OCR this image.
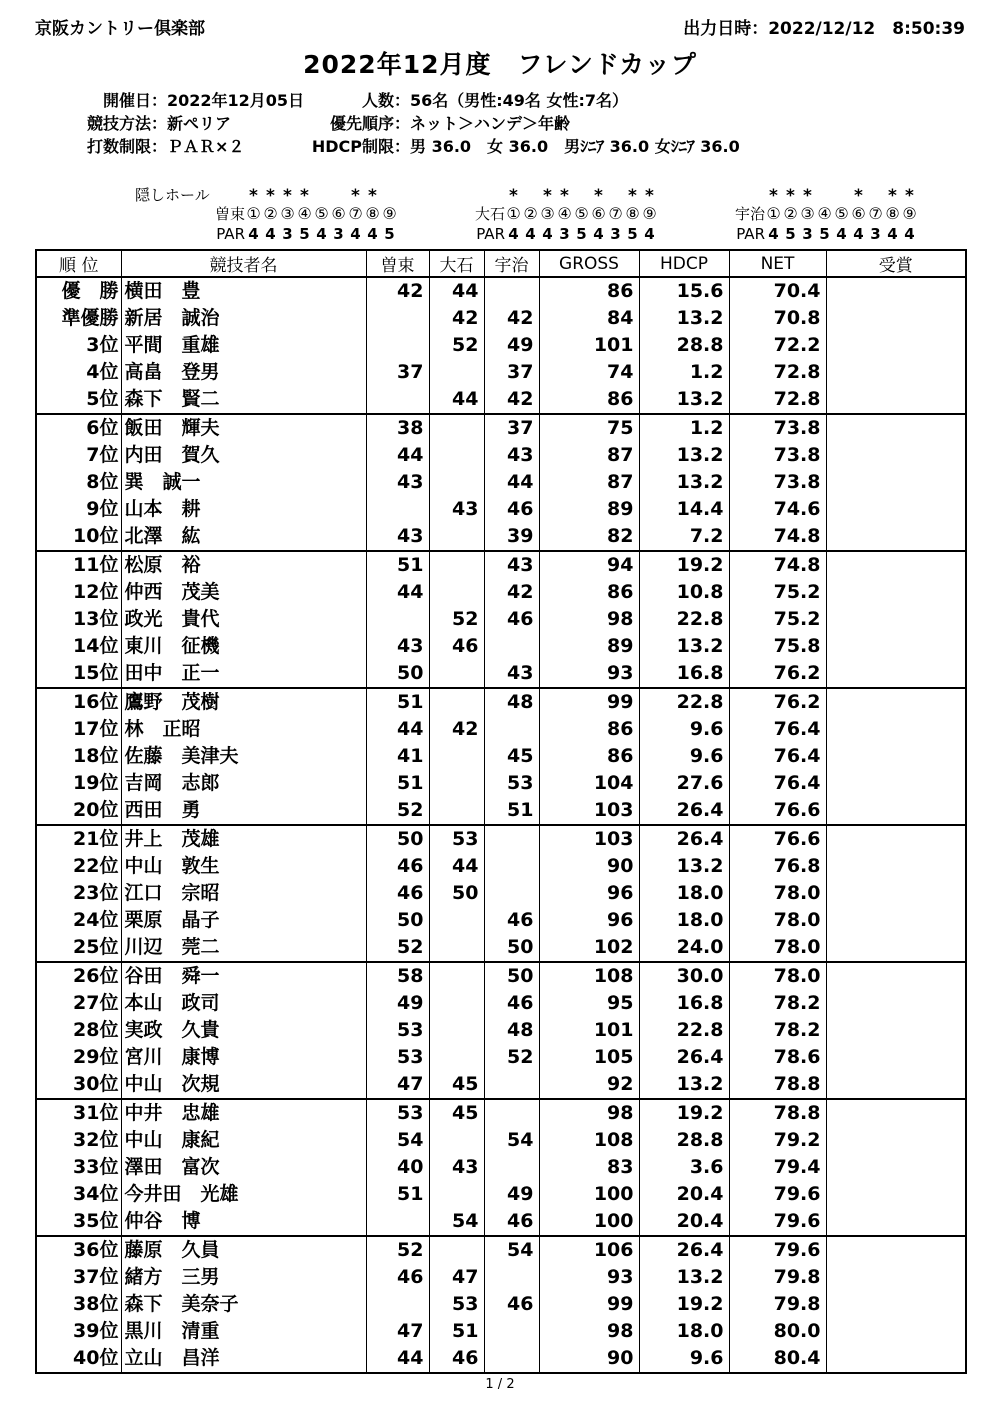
京阪カントリー倶楽部	出力日時：2022/12/12　8:50:39
2022年12月度　フレンドカップ
開催日： 2022年12月05日
競技方法： 新ペリア
打数制限： ＰＡＲ×２
人数： 56名（男性:49名 女性:7名）
優先順序： ネット＞ハンデ＞年齢
HDCP制限： 男 36.0　女 36.0　男ｼﾆｱ 36.0 女ｼﾆｱ 36.0
隠しホール * * * * * *
曽束 ① ② ③ ④ ⑤ ⑥ ⑦ ⑧ ⑨
PAR 4 4 3 5 4 3 4 4 5
* * * * * *
大石 ① ② ③ ④ ⑤ ⑥ ⑦ ⑧ ⑨
PAR 4 4 4 3 5 4 3 5 4
* * * * * *
宇治 ① ② ③ ④ ⑤ ⑥ ⑦ ⑧ ⑨
PAR 4 5 3 5 4 4 3 4 4
順 位	競技者名	曽束	大石	宇治	GROSS	HDCP	NET	受賞
優　勝	横田　豊	42	44		86	15.6	70.4	
準優勝	新居　誠治		42	42	84	13.2	70.8	
3位	平間　重雄		52	49	101	28.8	72.2	
4位	高畠　登男	37		37	74	1.2	72.8	
5位	森下　賢二		44	42	86	13.2	72.8	
6位	飯田　輝夫	38		37	75	1.2	73.8	
7位	内田　賀久	44		43	87	13.2	73.8	
8位	巽　誠一	43		44	87	13.2	73.8	
9位	山本　耕		43	46	89	14.4	74.6	
10位	北澤　紘	43		39	82	7.2	74.8	
11位	松原　裕	51		43	94	19.2	74.8	
12位	仲西　茂美	44		42	86	10.8	75.2	
13位	政光　貴代		52	46	98	22.8	75.2	
14位	東川　征機	43	46		89	13.2	75.8	
15位	田中　正一	50		43	93	16.8	76.2	
16位	鷹野　茂樹	51		48	99	22.8	76.2	
17位	林　正昭	44	42		86	9.6	76.4	
18位	佐藤　美津夫	41		45	86	9.6	76.4	
19位	吉岡　志郎	51		53	104	27.6	76.4	
20位	西田　勇	52		51	103	26.4	76.6	
21位	井上　茂雄	50	53		103	26.4	76.6	
22位	中山　敦生	46	44		90	13.2	76.8	
23位	江口　宗昭	46	50		96	18.0	78.0	
24位	栗原　晶子	50		46	96	18.0	78.0	
25位	川辺　莞二	52		50	102	24.0	78.0	
26位	谷田　舜一	58		50	108	30.0	78.0	
27位	本山　政司	49		46	95	16.8	78.2	
28位	実政　久貴	53		48	101	22.8	78.2	
29位	宮川　康博	53		52	105	26.4	78.6	
30位	中山　次規	47	45		92	13.2	78.8	
31位	中井　忠雄	53	45		98	19.2	78.8	
32位	中山　康紀	54		54	108	28.8	79.2	
33位	澤田　富次	40	43		83	3.6	79.4	
34位	今井田　光雄	51		49	100	20.4	79.6	
35位	仲谷　博		54	46	100	20.4	79.6	
36位	藤原　久員	52		54	106	26.4	79.6	
37位	緒方　三男	46	47		93	13.2	79.8	
38位	森下　美奈子		53	46	99	19.2	79.8	
39位	黒川　清重	47	51		98	18.0	80.0	
40位	立山　昌洋	44	46		90	9.6	80.4	
1 / 2
